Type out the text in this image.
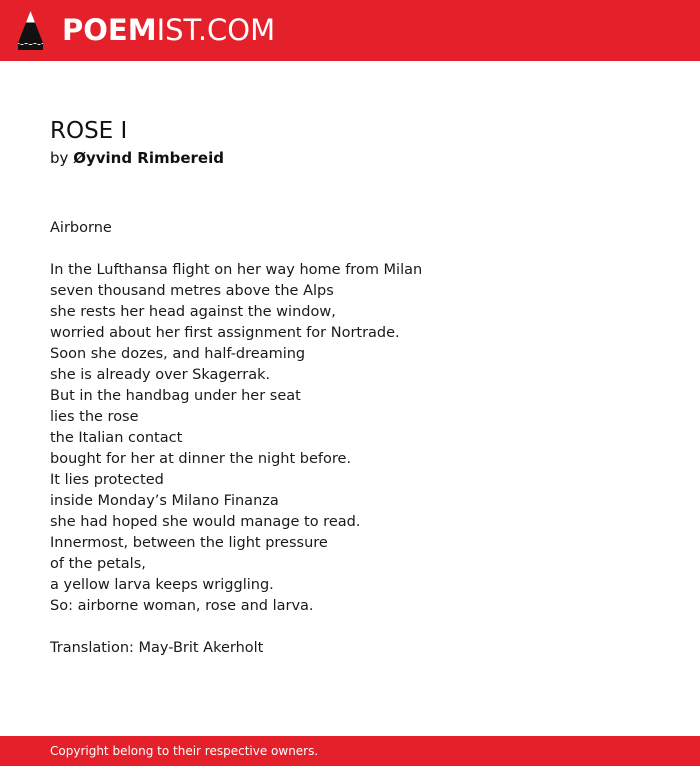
POEMIST.COM
ROSE I
by Øyvind Rimbereid
Airborne
In the Lufthansa flight on her way home from Milan
seven thousand metres above the Alps
she rests her head against the window,
worried about her first assignment for Nortrade.
Soon she dozes, and half-dreaming
she is already over Skagerrak.
But in the handbag under her seat
lies the rose
the Italian contact
bought for her at dinner the night before.
It lies protected
inside Monday’s Milano Finanza
she had hoped she would manage to read.
Innermost, between the light pressure
of the petals,
a yellow larva keeps wriggling.
So: airborne woman, rose and larva.
Translation: May-Brit Akerholt
Copyright belong to their respective owners.
